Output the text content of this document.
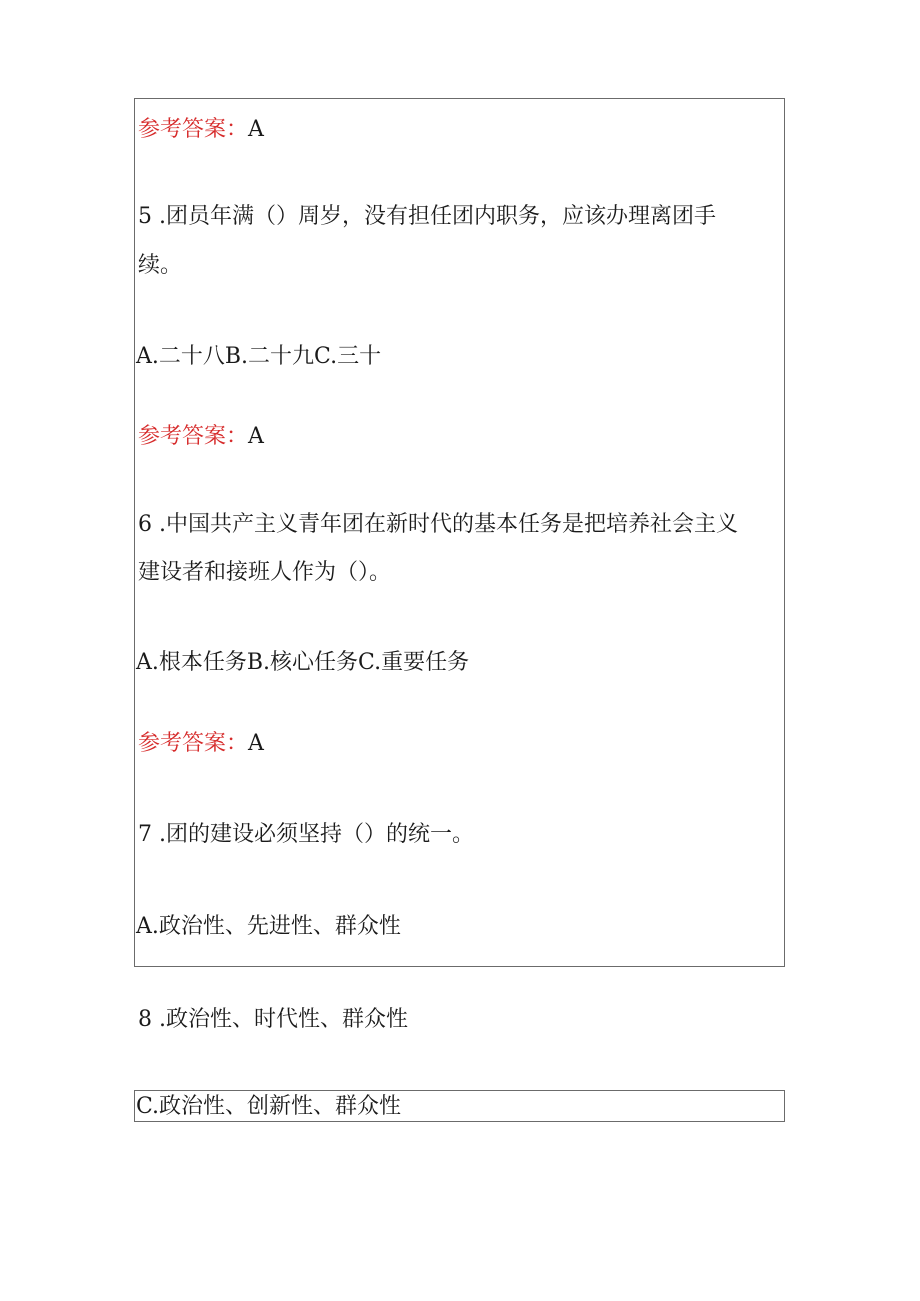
参考答案：A
5 .团员年满（）周岁，没有担任团内职务，应该办理离团手
续。
A.二十八B.二十九C.三十
参考答案：A
6 .中国共产主义青年团在新时代的基本任务是把培养社会主义
建设者和接班人作为（）。
A.根本任务B.核心任务C.重要任务
参考答案：A
7 .团的建设必须坚持（）的统一。
A.政治性、先进性、群众性
8 .政治性、时代性、群众性
C.政治性、创新性、群众性
